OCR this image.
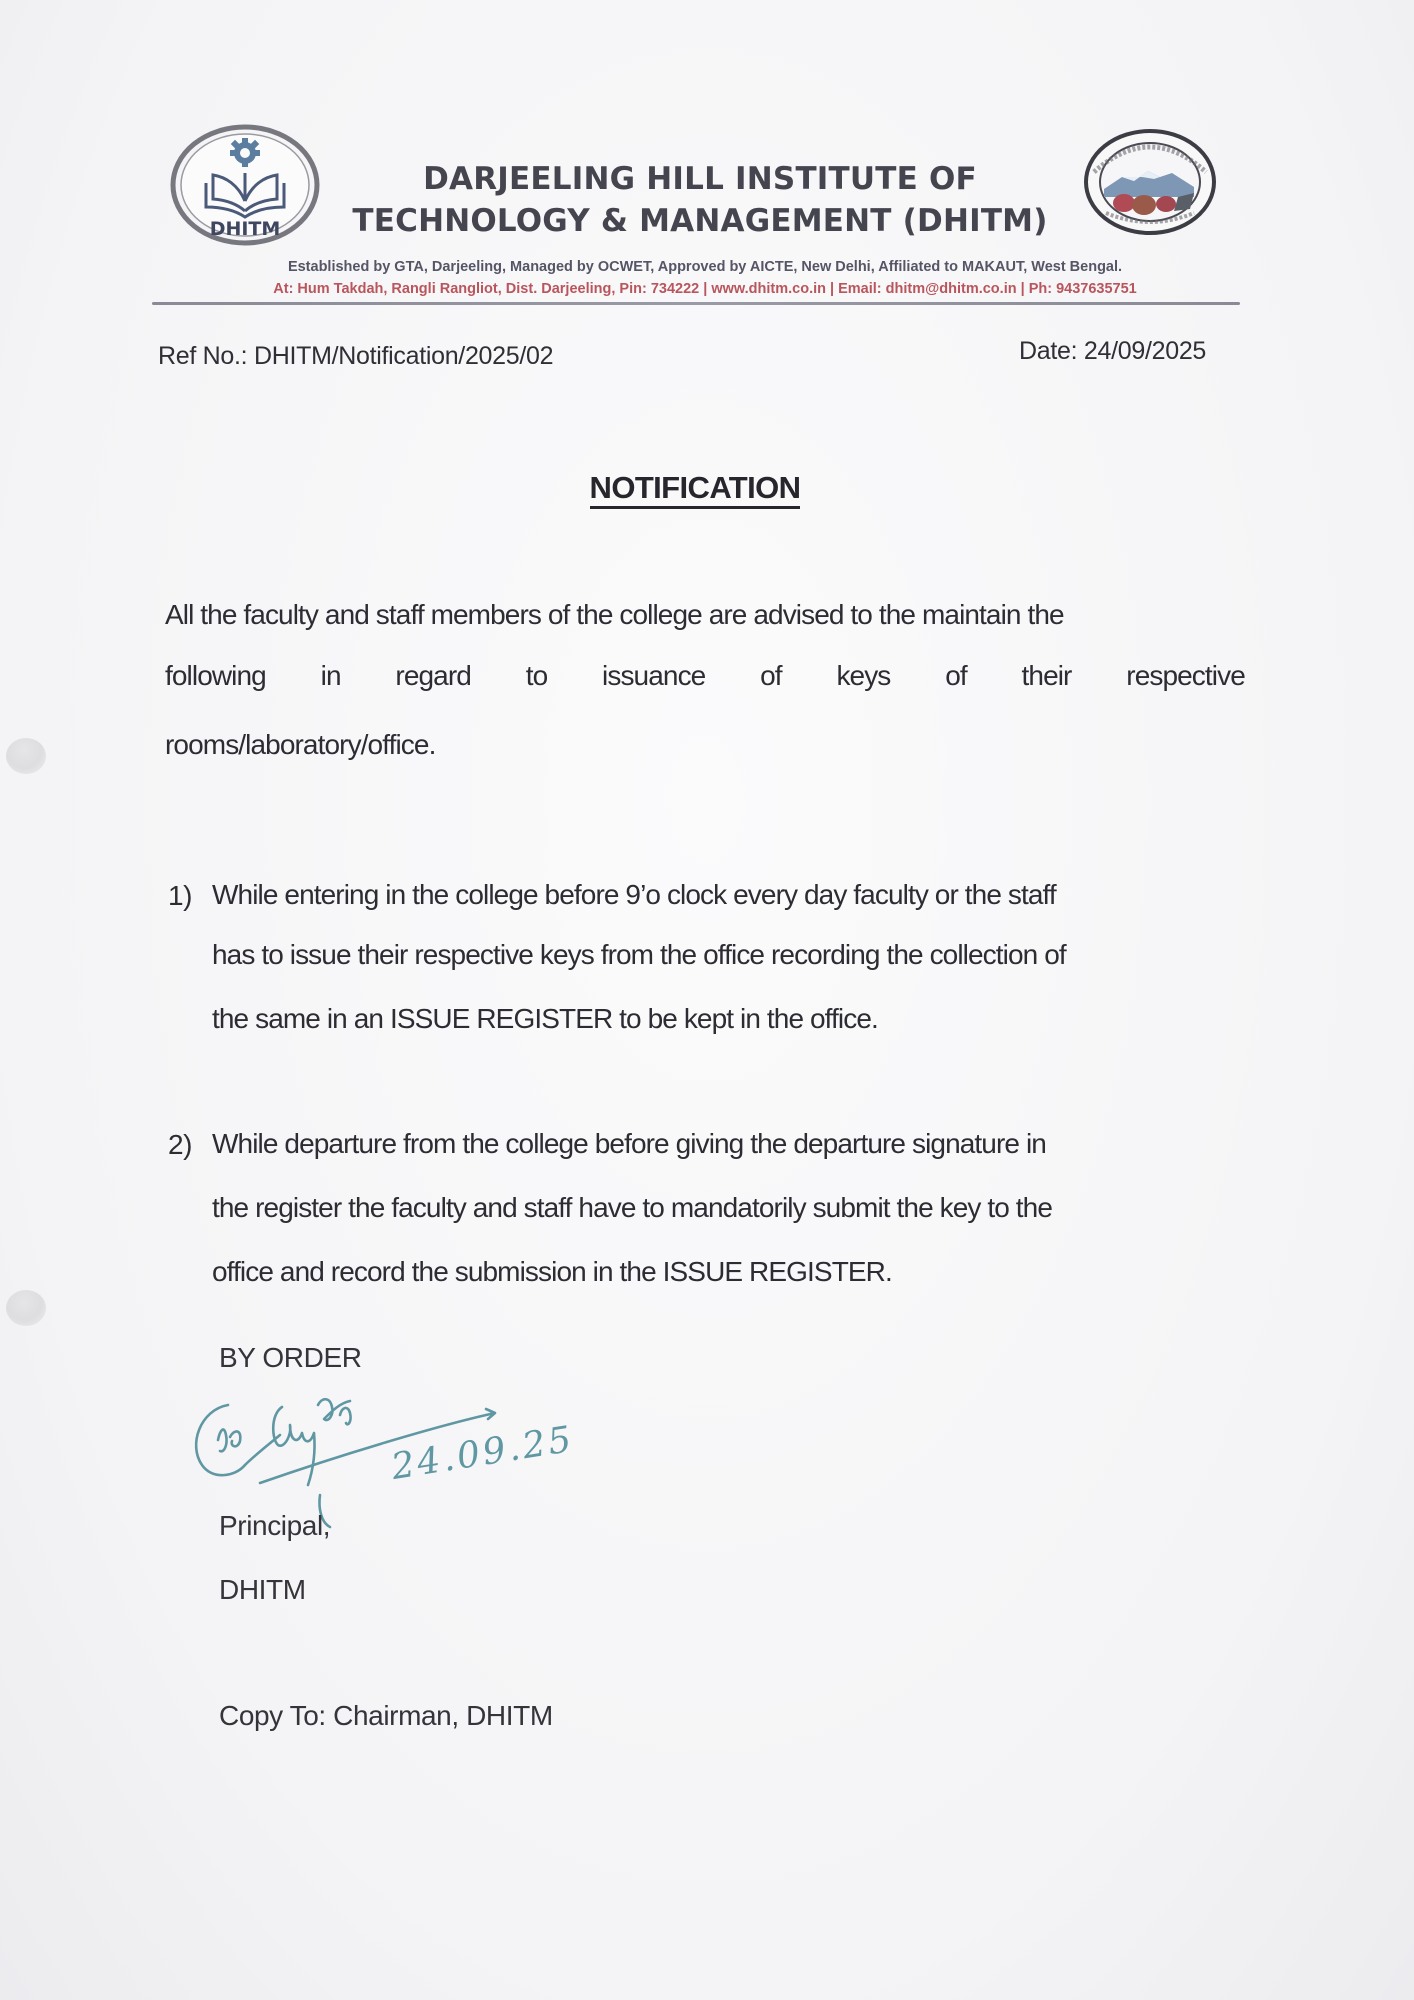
DHITM
DARJEELING HILL INSTITUTE OF
TECHNOLOGY & MANAGEMENT (DHITM)
Established by GTA, Darjeeling, Managed by OCWET, Approved by AICTE, New Delhi, Affiliated to MAKAUT, West Bengal.
At: Hum Takdah, Rangli Rangliot, Dist. Darjeeling, Pin: 734222 | www.dhitm.co.in | Email: dhitm@dhitm.co.in | Ph: 9437635751
Ref No.: DHITM/Notification/2025/02	Date: 24/09/2025
NOTIFICATION
All the faculty and staff members of the college are advised to the maintain the
following in regard to issuance of keys of their respective
rooms/laboratory/office.
1) While entering in the college before 9’o clock every day faculty or the staff
has to issue their respective keys from the office recording the collection of
the same in an ISSUE REGISTER to be kept in the office.
2) While departure from the college before giving the departure signature in
the register the faculty and staff have to mandatorily submit the key to the
office and record the submission in the ISSUE REGISTER.
BY ORDER
24.09.25
Principal,
DHITM
Copy To: Chairman, DHITM
